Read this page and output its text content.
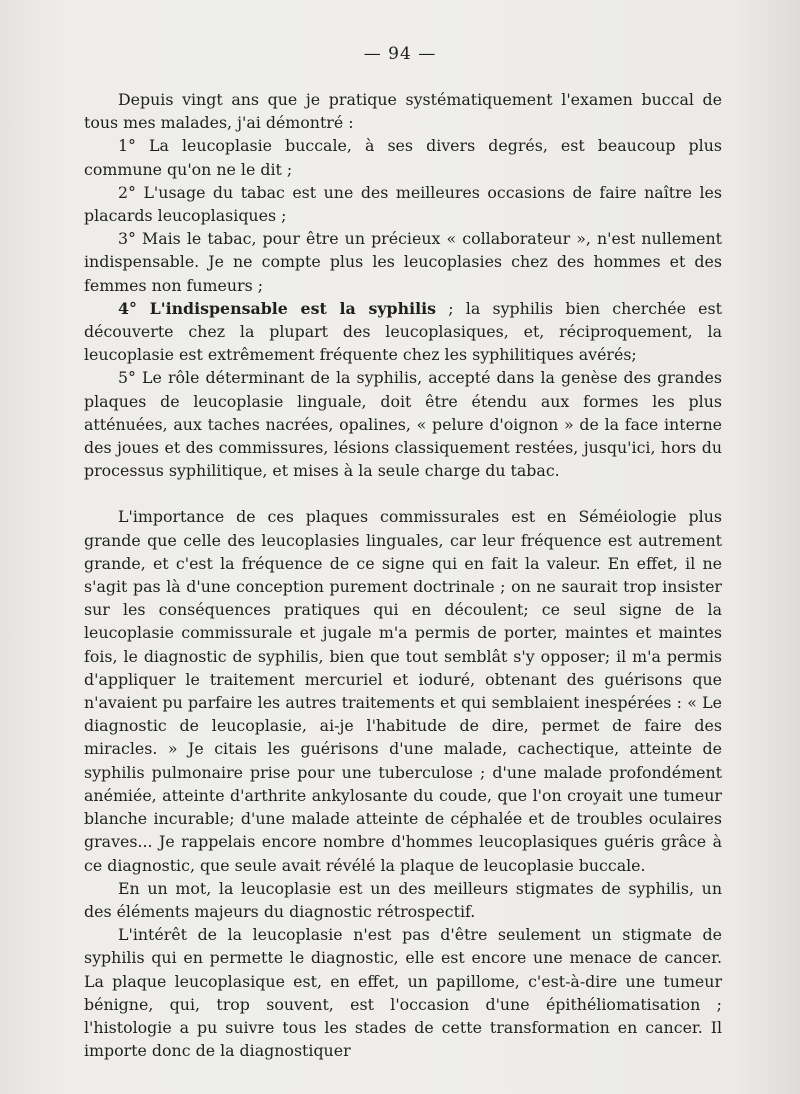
— 94 —

Depuis vingt ans que je pratique systématiquement l'examen buccal de tous mes malades, j'ai démontré :

1° La leucoplasie buccale, à ses divers degrés, est beaucoup plus commune qu'on ne le dit ;

2° L'usage du tabac est une des meilleures occasions de faire naître les placards leucoplasiques ;

3° Mais le tabac, pour être un précieux « collaborateur », n'est nullement indispensable. Je ne compte plus les leucoplasies chez des hommes et des femmes non fumeurs ;

4° L'indispensable est la syphilis ; la syphilis bien cherchée est découverte chez la plupart des leucoplasiques, et, réciproquement, la leucoplasie est extrêmement fréquente chez les syphilitiques avérés;

5° Le rôle déterminant de la syphilis, accepté dans la genèse des grandes plaques de leucoplasie linguale, doit être étendu aux formes les plus atténuées, aux taches nacrées, opalines, « pelure d'oignon » de la face interne des joues et des commissures, lésions classiquement restées, jusqu'ici, hors du processus syphilitique, et mises à la seule charge du tabac.

L'importance de ces plaques commissurales est en Séméiologie plus grande que celle des leucoplasies linguales, car leur fréquence est autrement grande, et c'est la fréquence de ce signe qui en fait la valeur. En effet, il ne s'agit pas là d'une conception purement doctrinale ; on ne saurait trop insister sur les conséquences pratiques qui en découlent; ce seul signe de la leucoplasie commissurale et jugale m'a permis de porter, maintes et maintes fois, le diagnostic de syphilis, bien que tout semblât s'y opposer; il m'a permis d'appliquer le traitement mercuriel et ioduré, obtenant des guérisons que n'avaient pu parfaire les autres traitements et qui semblaient inespérées : « Le diagnostic de leucoplasie, ai-je l'habitude de dire, permet de faire des miracles. » Je citais les guérisons d'une malade, cachectique, atteinte de syphilis pulmonaire prise pour une tuberculose ; d'une malade profondément anémiée, atteinte d'arthrite ankylosante du coude, que l'on croyait une tumeur blanche incurable; d'une malade atteinte de céphalée et de troubles oculaires graves... Je rappelais encore nombre d'hommes leucoplasiques guéris grâce à ce diagnostic, que seule avait révélé la plaque de leucoplasie buccale.

En un mot, la leucoplasie est un des meilleurs stigmates de syphilis, un des éléments majeurs du diagnostic rétrospectif.

L'intérêt de la leucoplasie n'est pas d'être seulement un stigmate de syphilis qui en permette le diagnostic, elle est encore une menace de cancer. La plaque leucoplasique est, en effet, un papillome, c'est-à-dire une tumeur bénigne, qui, trop souvent, est l'occasion d'une épithéliomatisation ; l'histologie a pu suivre tous les stades de cette transformation en cancer. Il importe donc de la diagnostiquer
